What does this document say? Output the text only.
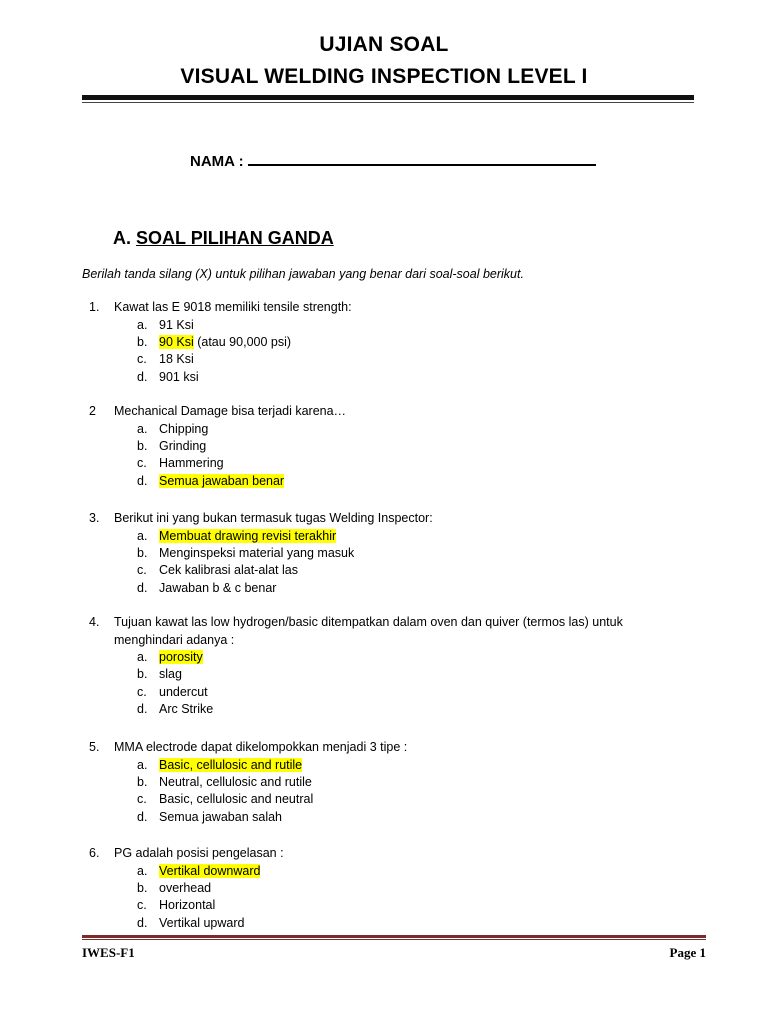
UJIAN SOAL
VISUAL WELDING INSPECTION LEVEL I
NAMA :
A. SOAL PILIHAN GANDA
Berilah tanda silang (X) untuk pilihan jawaban yang benar dari soal-soal berikut.
1. Kawat las E 9018 memiliki tensile strength:
a. 91 Ksi
b. 90 Ksi (atau 90,000 psi)
c. 18 Ksi
d. 901 ksi
2 Mechanical Damage bisa terjadi karena…
a. Chipping
b. Grinding
c. Hammering
d. Semua jawaban benar
3. Berikut ini yang bukan termasuk tugas Welding Inspector:
a. Membuat drawing revisi terakhir
b. Menginspeksi material yang masuk
c. Cek kalibrasi alat-alat las
d. Jawaban b & c benar
4. Tujuan kawat las low hydrogen/basic ditempatkan dalam oven dan quiver (termos las) untuk
menghindari adanya :
a. porosity
b. slag
c. undercut
d. Arc Strike
5. MMA electrode dapat dikelompokkan menjadi 3 tipe :
a. Basic, cellulosic and rutile
b. Neutral, cellulosic and rutile
c. Basic, cellulosic and neutral
d. Semua jawaban salah
6. PG adalah posisi pengelasan :
a. Vertikal downward
b. overhead
c. Horizontal
d. Vertikal upward
IWES-F1	Page 1
